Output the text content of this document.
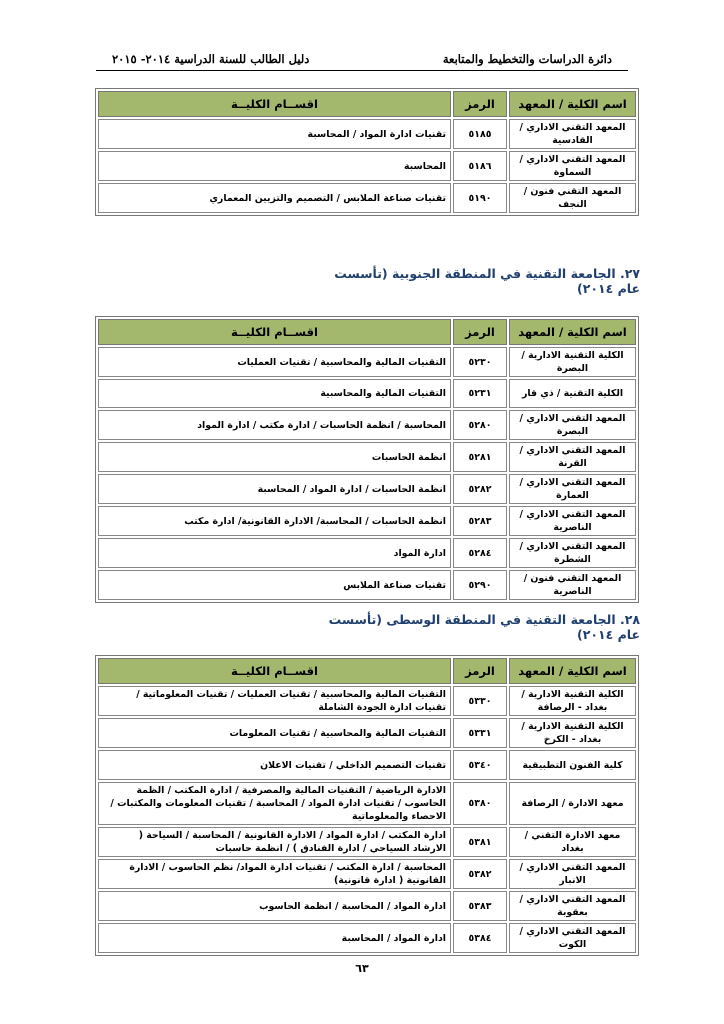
دائرة الدراسات والتخطيط والمتابعة
دليل الطالب للسنة الدراسية ٢٠١٤- ٢٠١٥
اسم الكلية / المعهد	الرمز	اقســام الكليــة
المعهد التقني الاداري / القادسية	٥١٨٥	تقنيات ادارة المواد / المحاسبة
المعهد التقني الاداري / السماوة	٥١٨٦	المحاسبة
المعهد التقني فنون / النجف	٥١٩٠	تقنيات صناعة الملابس / التصميم والتزيين المعماري
٢٧. الجامعة التقنية في المنطقة الجنوبية (تأسست عام ٢٠١٤)
اسم الكلية / المعهد	الرمز	اقســام الكليــة
الكلية التقنية الادارية / البصرة	٥٢٣٠	التقنيات المالية والمحاسبية / تقنيات العمليات
الكلية التقنية / ذي قار	٥٢٣١	التقنيات المالية والمحاسبية
المعهد التقني الاداري / البصرة	٥٢٨٠	المحاسبة / انظمة الحاسبات / ادارة مكتب / ادارة المواد
المعهد التقني الاداري / القرنة	٥٢٨١	انظمة الحاسبات
المعهد التقني الاداري / العمارة	٥٢٨٢	انظمة الحاسبات / ادارة المواد / المحاسبة
المعهد التقني الاداري / الناصرية	٥٢٨٣	انظمة الحاسبات / المحاسبة/ الادارة القانونية/ ادارة مكتب
المعهد التقني الاداري / الشطرة	٥٢٨٤	ادارة المواد
المعهد التقني فنون / الناصرية	٥٢٩٠	تقنيات صناعة الملابس
٢٨. الجامعة التقنية في المنطقة الوسطى (تأسست عام ٢٠١٤)
اسم الكلية / المعهد	الرمز	اقســام الكليــة
الكلية التقنية الادارية / بغداد - الرصافة	٥٣٣٠	التقنيات المالية والمحاسبية / تقنيات العمليات / تقنيات المعلوماتية / تقنيات ادارة الجودة الشاملة
الكلية التقنية الادارية / بغداد - الكرخ	٥٣٣١	التقنيات المالية والمحاسبية / تقنيات المعلومات
كلية الفنون التطبيقية	٥٣٤٠	تقنيات التصميم الداخلي / تقنيات الاعلان
معهد الادارة / الرصافة	٥٣٨٠	الادارة الرياضية / التقنيات المالية والمصرفية / ادارة المكتب / الظمة الحاسوب / تقنيات ادارة المواد / المحاسبة / تقنيات المعلومات والمكتبات / الاحصاء والمعلوماتية
معهد الادارة التقني / بغداد	٥٣٨١	ادارة المكتب / ادارة المواد / الادارة القانونية / المحاسبة / السياحة ( الارشاد السياحي / ادارة الفنادق ) / انظمة حاسبات
المعهد التقني الاداري / الانبار	٥٣٨٢	المحاسبة / ادارة المكتب / تقنيات ادارة المواد/ نظم الحاسوب / الادارة القانونية ( ادارة قانونية)
المعهد التقني الاداري / بعقوبة	٥٣٨٣	ادارة المواد / المحاسبة / انظمة الحاسوب
المعهد التقني الاداري / الكوت	٥٣٨٤	ادارة المواد / المحاسبة
٦٣
